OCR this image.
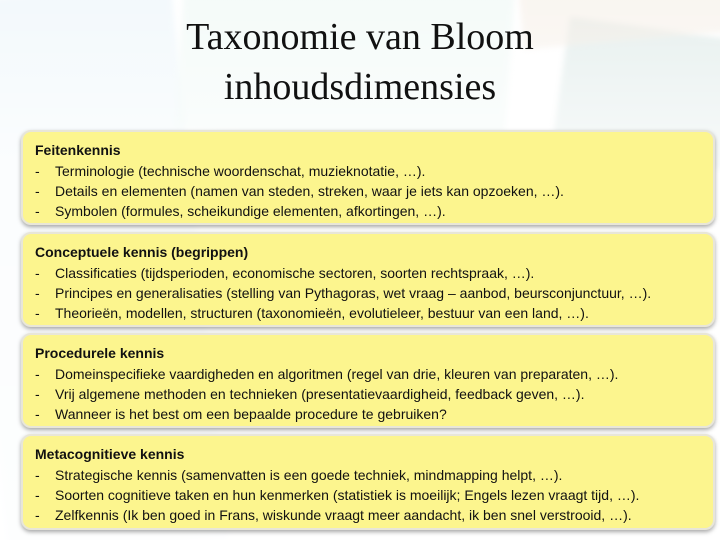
Taxonomie van Bloom
inhoudsdimensies
Feitenkennis
- Terminologie (technische woordenschat, muzieknotatie, …).
- Details en elementen (namen van steden, streken, waar je iets kan opzoeken, …).
- Symbolen (formules, scheikundige elementen, afkortingen, …).
Conceptuele kennis (begrippen)
- Classificaties (tijdsperioden, economische sectoren, soorten rechtspraak, …).
- Principes en generalisaties (stelling van Pythagoras, wet vraag – aanbod, beursconjunctuur, …).
- Theorieën, modellen, structuren (taxonomieën, evolutieleer, bestuur van een land, …).
Procedurele kennis
- Domeinspecifieke vaardigheden en algoritmen (regel van drie, kleuren van preparaten, …).
- Vrij algemene methoden en technieken (presentatievaardigheid, feedback geven, …).
- Wanneer is het best om een bepaalde procedure te gebruiken?
Metacognitieve kennis
- Strategische kennis (samenvatten is een goede techniek, mindmapping helpt, …).
- Soorten cognitieve taken en hun kenmerken (statistiek is moeilijk; Engels lezen vraagt tijd, …).
- Zelfkennis (Ik ben goed in Frans, wiskunde vraagt meer aandacht, ik ben snel verstrooid, …).
